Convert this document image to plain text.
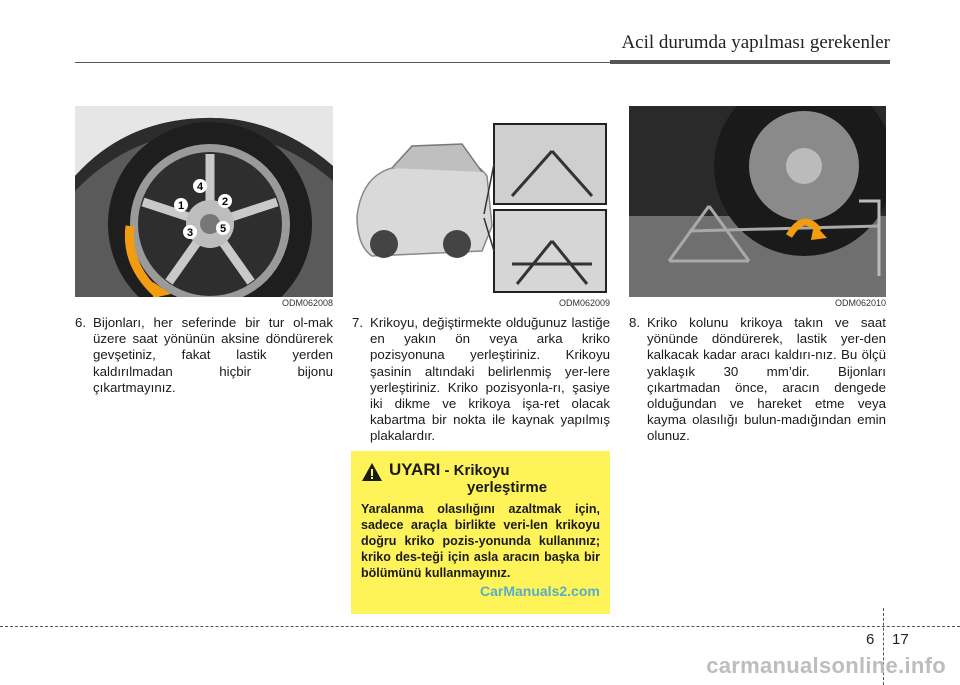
Acil durumda yapılması gerekenler
1	2
3
4
5
ODM062008
6. Bijonları, her seferinde bir tur ol-mak üzere saat yönünün aksine döndürerek gevşetiniz, fakat lastik yerden kaldırılmadan hiçbir bijonu çıkartmayınız.
ODM062009
7. Krikoyu, değiştirmekte olduğunuz lastiğe en yakın ön veya arka kriko pozisyonuna yerleştiriniz. Krikoyu şasinin altındaki belirlenmiş yer-lere yerleştiriniz. Kriko pozisyonla-rı, şasiye iki dikme ve krikoya işa-ret olacak kabartma bir nokta ile kaynak yapılmış plakalardır.
ODM062010
8. Kriko kolunu krikoya takın ve saat yönünde döndürerek, lastik yer-den kalkacak kadar aracı kaldırı-nız. Bu ölçü yaklaşık 30 mm’dir. Bijonları çıkartmadan önce, aracın dengede olduğundan ve hareket etme veya kayma olasılığı bulun-madığından emin olunuz.
UYARI - Krikoyu
yerleştirme
Yaralanma olasılığını azaltmak için, sadece araçla birlikte veri-len krikoyu doğru kriko pozis-yonunda kullanınız; kriko des-teği için asla aracın başka bir bölümünü kullanmayınız.
CarManuals2.com
6 17
carmanualsonline.info
